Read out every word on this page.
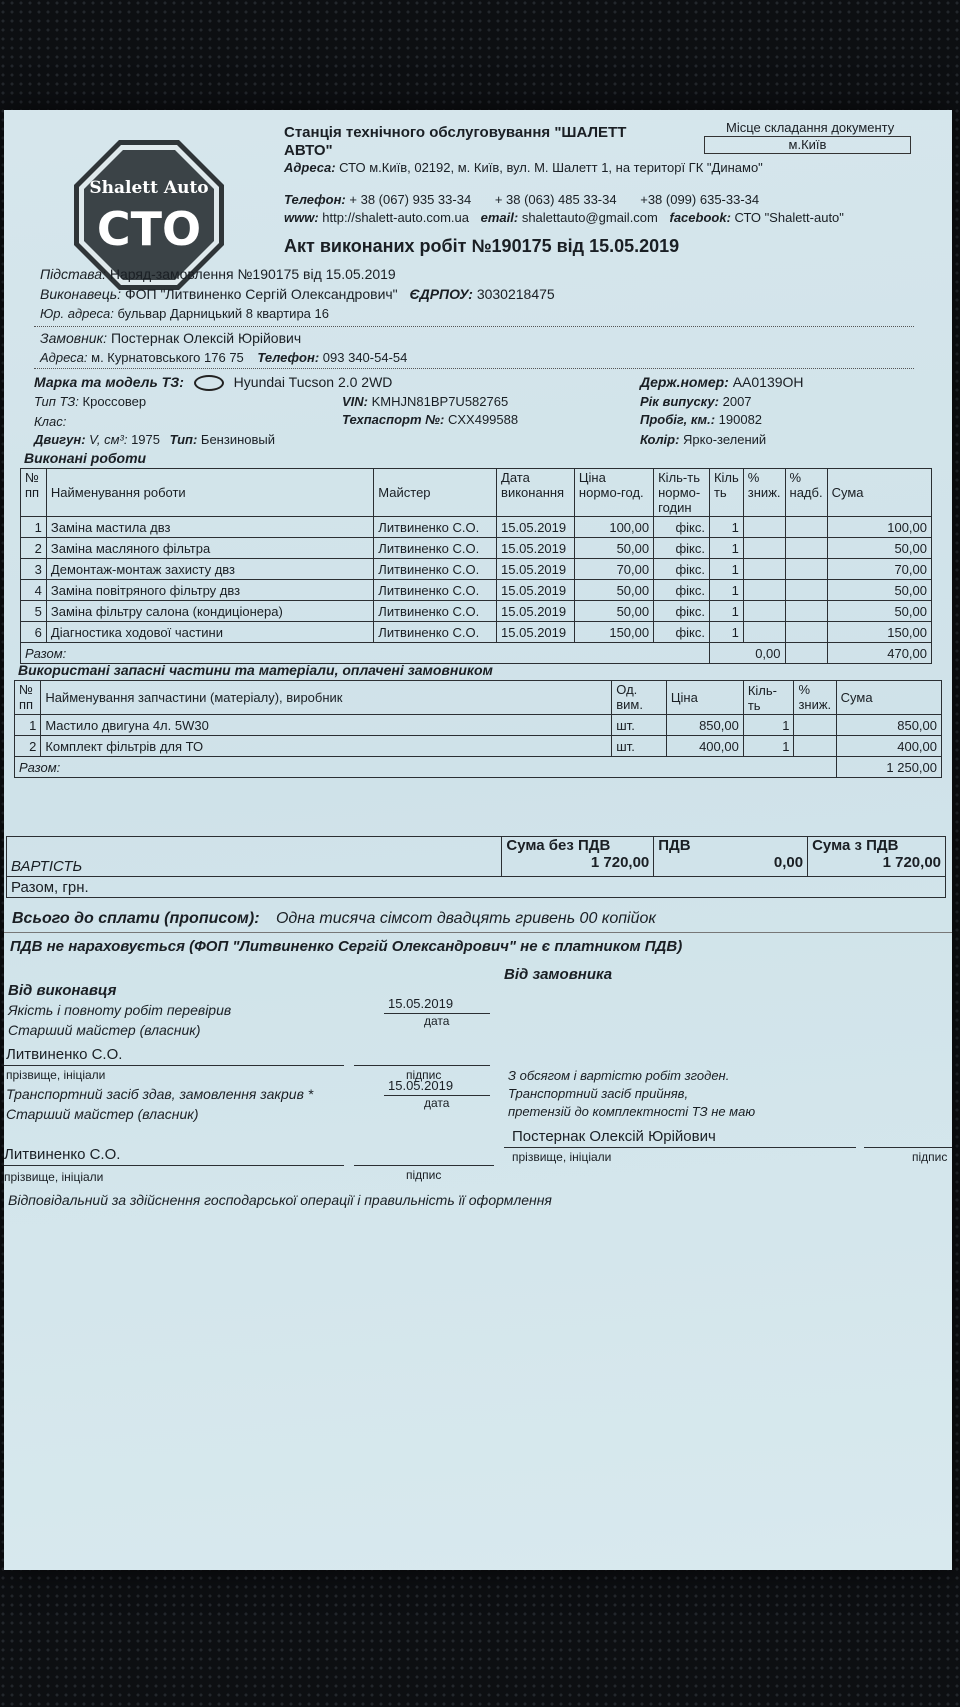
Shalett Auto
СТО
Станція технічного обслуговування "ШАЛЕТТ
АВТО"
Адреса: СТО м.Київ, 02192, м. Київ, вул. М. Шалетт 1, на територї ГК "Динамо"
Телефон: + 38 (067) 935 33-34 + 38 (063) 485 33-34 +38 (099) 635-33-34
www: http://shalett-auto.com.ua email: shalettauto@gmail.com facebook: СТО "Shalett-auto"
Місце складання документу
м.Київ
Акт виконаних робіт №190175 від 15.05.2019
Підстава: Наряд-замовлення №190175 від 15.05.2019
Виконавець: ФОП "Литвиненко Сергій Олександрович" ЄДРПОУ: 3030218475
Юр. адреса: бульвар Дарницький 8 квартира 16
Замовник: Постернак Олексій Юрійович
Адреса: м. Курнатовського 176 75 Телефон: 093 340-54-54
Марка та модель ТЗ:	Hyundai Tucson 2.0 2WD
Тип ТЗ: Кроссовер
Клас:
Двигун: V, см³: 1975 Тип: Бензиновый
VIN: KMHJN81BP7U582765
Техпаспорт №: CXX499588
Держ.номер: AA0139OH
Рік випуску: 2007
Пробіг, км.: 190082
Колір: Ярко-зелений
Виконані роботи
№ пп	Найменування роботи	Майстер	Дата виконання	Ціна нормо-год.	Кіль-ть нормо-годин	Кіль ть	% зниж.	% надб.	Сума
1	Заміна мастила двз	Литвиненко С.О.	15.05.2019	100,00	фікс.	1			100,00
2	Заміна масляного фільтра	Литвиненко С.О.	15.05.2019	50,00	фікс.	1			50,00
3	Демонтаж-монтаж захисту двз	Литвиненко С.О.	15.05.2019	70,00	фікс.	1			70,00
4	Заміна повітряного фільтру двз	Литвиненко С.О.	15.05.2019	50,00	фікс.	1			50,00
5	Заміна фільтру салона (кондиціонера)	Литвиненко С.О.	15.05.2019	50,00	фікс.	1			50,00
6	Діагностика ходової частини	Литвиненко С.О.	15.05.2019	150,00	фікс.	1			150,00
Разом:						0,00			470,00
Використані запасні частини та матеріали, оплачені замовником
№ пп	Найменування запчастини (матеріалу), виробник	Од. вим.	Ціна	Кіль-ть	% зниж.	Сума
1	Мастило двигуна 4л. 5W30	шт.	850,00	1		850,00
2	Комплект фільтрів для ТО	шт.	400,00	1		400,00
Разом:						1 250,00
ВАРТІСТЬ	
Сума без ПДВ
1 720,00

ПДВ
0,00

Сума з ПДВ
1 720,00

Разом, грн.
Всього до сплати (прописом): Одна тисяча сімсот двадцять гривень 00 копійок
ПДВ не нараховується (ФОП "Литвиненко Сергій Олександрович" не є платником ПДВ)
Від замовника
Від виконавця
Якість і повноту робіт перевірив	15.05.2019
дата
Старший майстер (власник)
Литвиненко С.О.
підпис
прізвище, ініціали
Транспортний засіб здав, замовлення закрив *
15.05.2019
дата
Старший майстер (власник)
З обсягом і вартістю робіт згоден.
Транспортний засіб прийняв,
претензій до комплектності ТЗ не маю
Литвиненко С.О.
підпис
прізвище, ініціали
Постернак Олексій Юрійович
прізвище, ініціали	підпис
Відповідальний за здійснення господарської операції і правильність її оформлення
